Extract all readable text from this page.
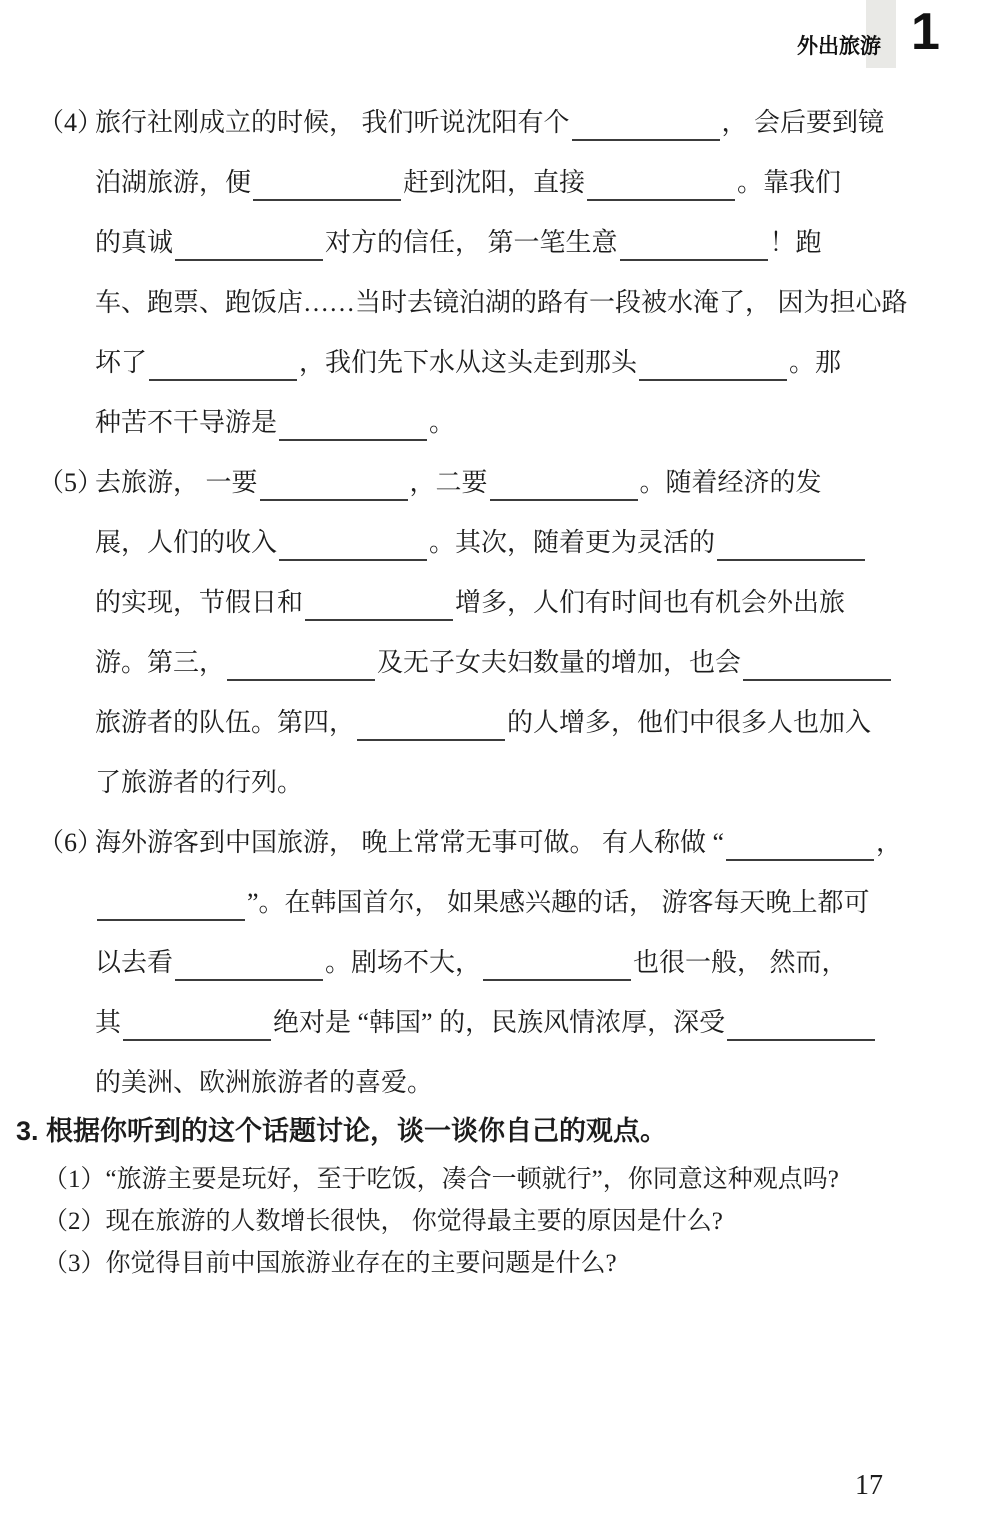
外出旅游 1
（4）
旅行社刚成立的时候， 我们听说沈阳有个	， 会后要到镜
泊湖旅游，便	赶到沈阳，直接	。靠我们
的真诚	对方的信任， 第一笔生意	！跑
车、跑票、跑饭店……当时去镜泊湖的路有一段被水淹了， 因为担心路
坏了	，我们先下水从这头走到那头	。那
种苦不干导游是	。
（5）
去旅游， 一要	，二要	。随着经济的发
展，人们的收入	。其次，随着更为灵活的
的实现，节假日和	增多，人们有时间也有机会外出旅
游。第三，	及无子女夫妇数量的增加，也会
旅游者的队伍。第四，	的人增多，他们中很多人也加入
了旅游者的行列。
（6）
海外游客到中国旅游， 晚上常常无事可做。 有人称做 “	，
”。在韩国首尔， 如果感兴趣的话， 游客每天晚上都可
以去看	。剧场不大，	也很一般， 然而，
其	绝对是 “韩国” 的，民族风情浓厚，深受
的美洲、欧洲旅游者的喜爱。
3. 根据你听到的这个话题讨论，谈一谈你自己的观点。
（1）“旅游主要是玩好，至于吃饭，凑合一顿就行”，你同意这种观点吗?
（2）现在旅游的人数增长很快， 你觉得最主要的原因是什么?
（3）你觉得目前中国旅游业存在的主要问题是什么?
17
